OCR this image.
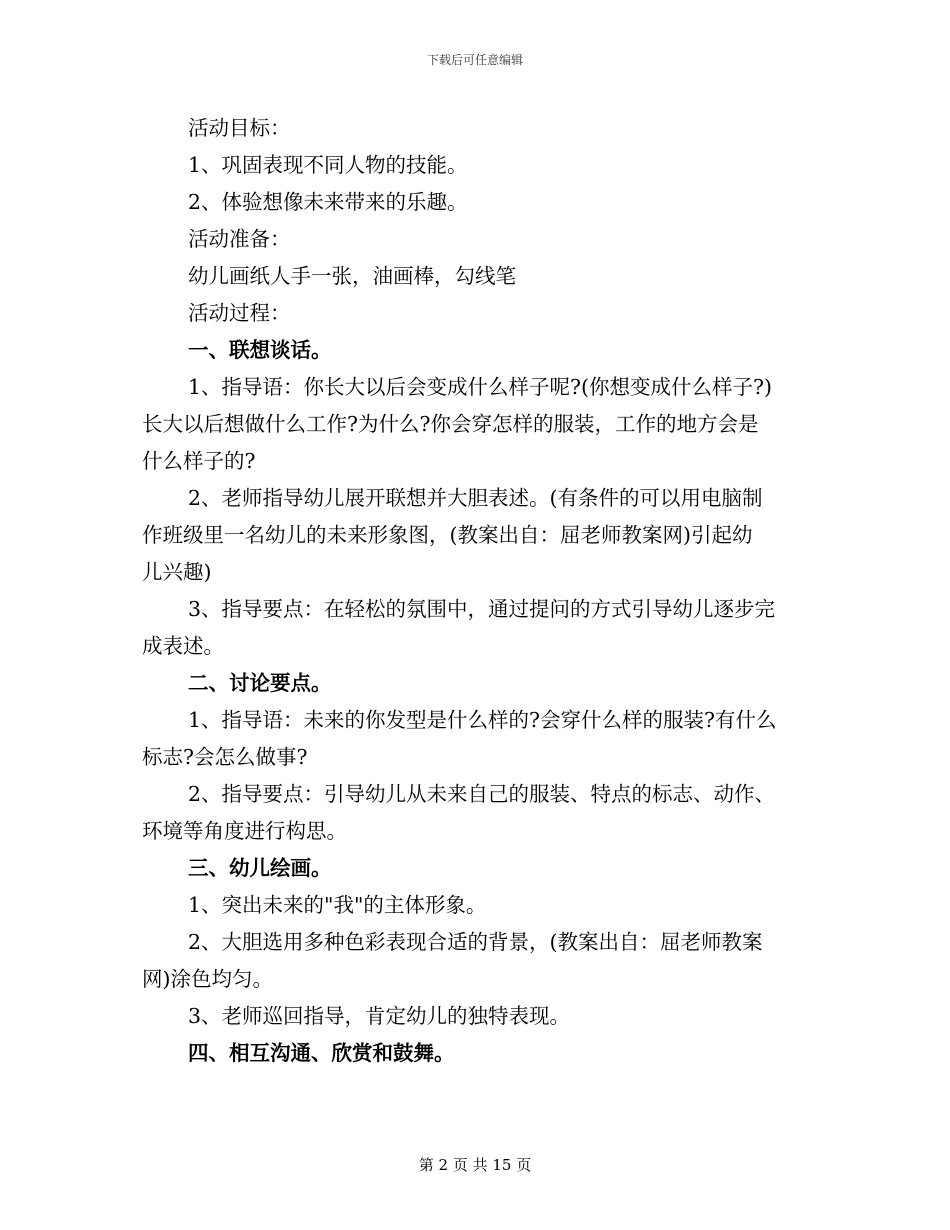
下载后可任意编辑
活动目标：
1、巩固表现不同人物的技能。
2、体验想像未来带来的乐趣。
活动准备：
幼儿画纸人手一张，油画棒，勾线笔
活动过程：
一、联想谈话。
1、指导语：你长大以后会变成什么样子呢?(你想变成什么样子?)
长大以后想做什么工作?为什么?你会穿怎样的服装，工作的地方会是
什么样子的?
2、老师指导幼儿展开联想并大胆表述。(有条件的可以用电脑制
作班级里一名幼儿的未来形象图，(教案出自：屈老师教案网)引起幼
儿兴趣)
3、指导要点：在轻松的氛围中，通过提问的方式引导幼儿逐步完
成表述。
二、讨论要点。
1、指导语：未来的你发型是什么样的?会穿什么样的服装?有什么
标志?会怎么做事?
2、指导要点：引导幼儿从未来自己的服装、特点的标志、动作、
环境等角度进行构思。
三、幼儿绘画。
1、突出未来的"我"的主体形象。
2、大胆选用多种色彩表现合适的背景，(教案出自：屈老师教案
网)涂色均匀。
3、老师巡回指导，肯定幼儿的独特表现。
四、相互沟通、欣赏和鼓舞。
第 2 页 共 15 页
